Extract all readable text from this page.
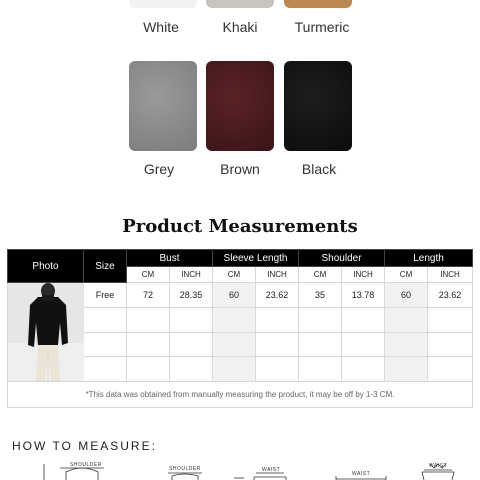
White	Khaki	Turmeric
Grey	Brown	Black
Product Measurements
Photo	Size	Bust		Sleeve Length		Shoulder		Length	
		CM	INCH	CM	INCH	CM	INCH	CM	INCH

	Free	72	28.35	60	23.62	35	13.78	60	23.62

*This data was obtained from manually measuring the product, it may be off by 1-3 CM.									
HOW TO MEASURE:
SHOULDER
SHOULDER	WAIST
WAIST
WAIST
